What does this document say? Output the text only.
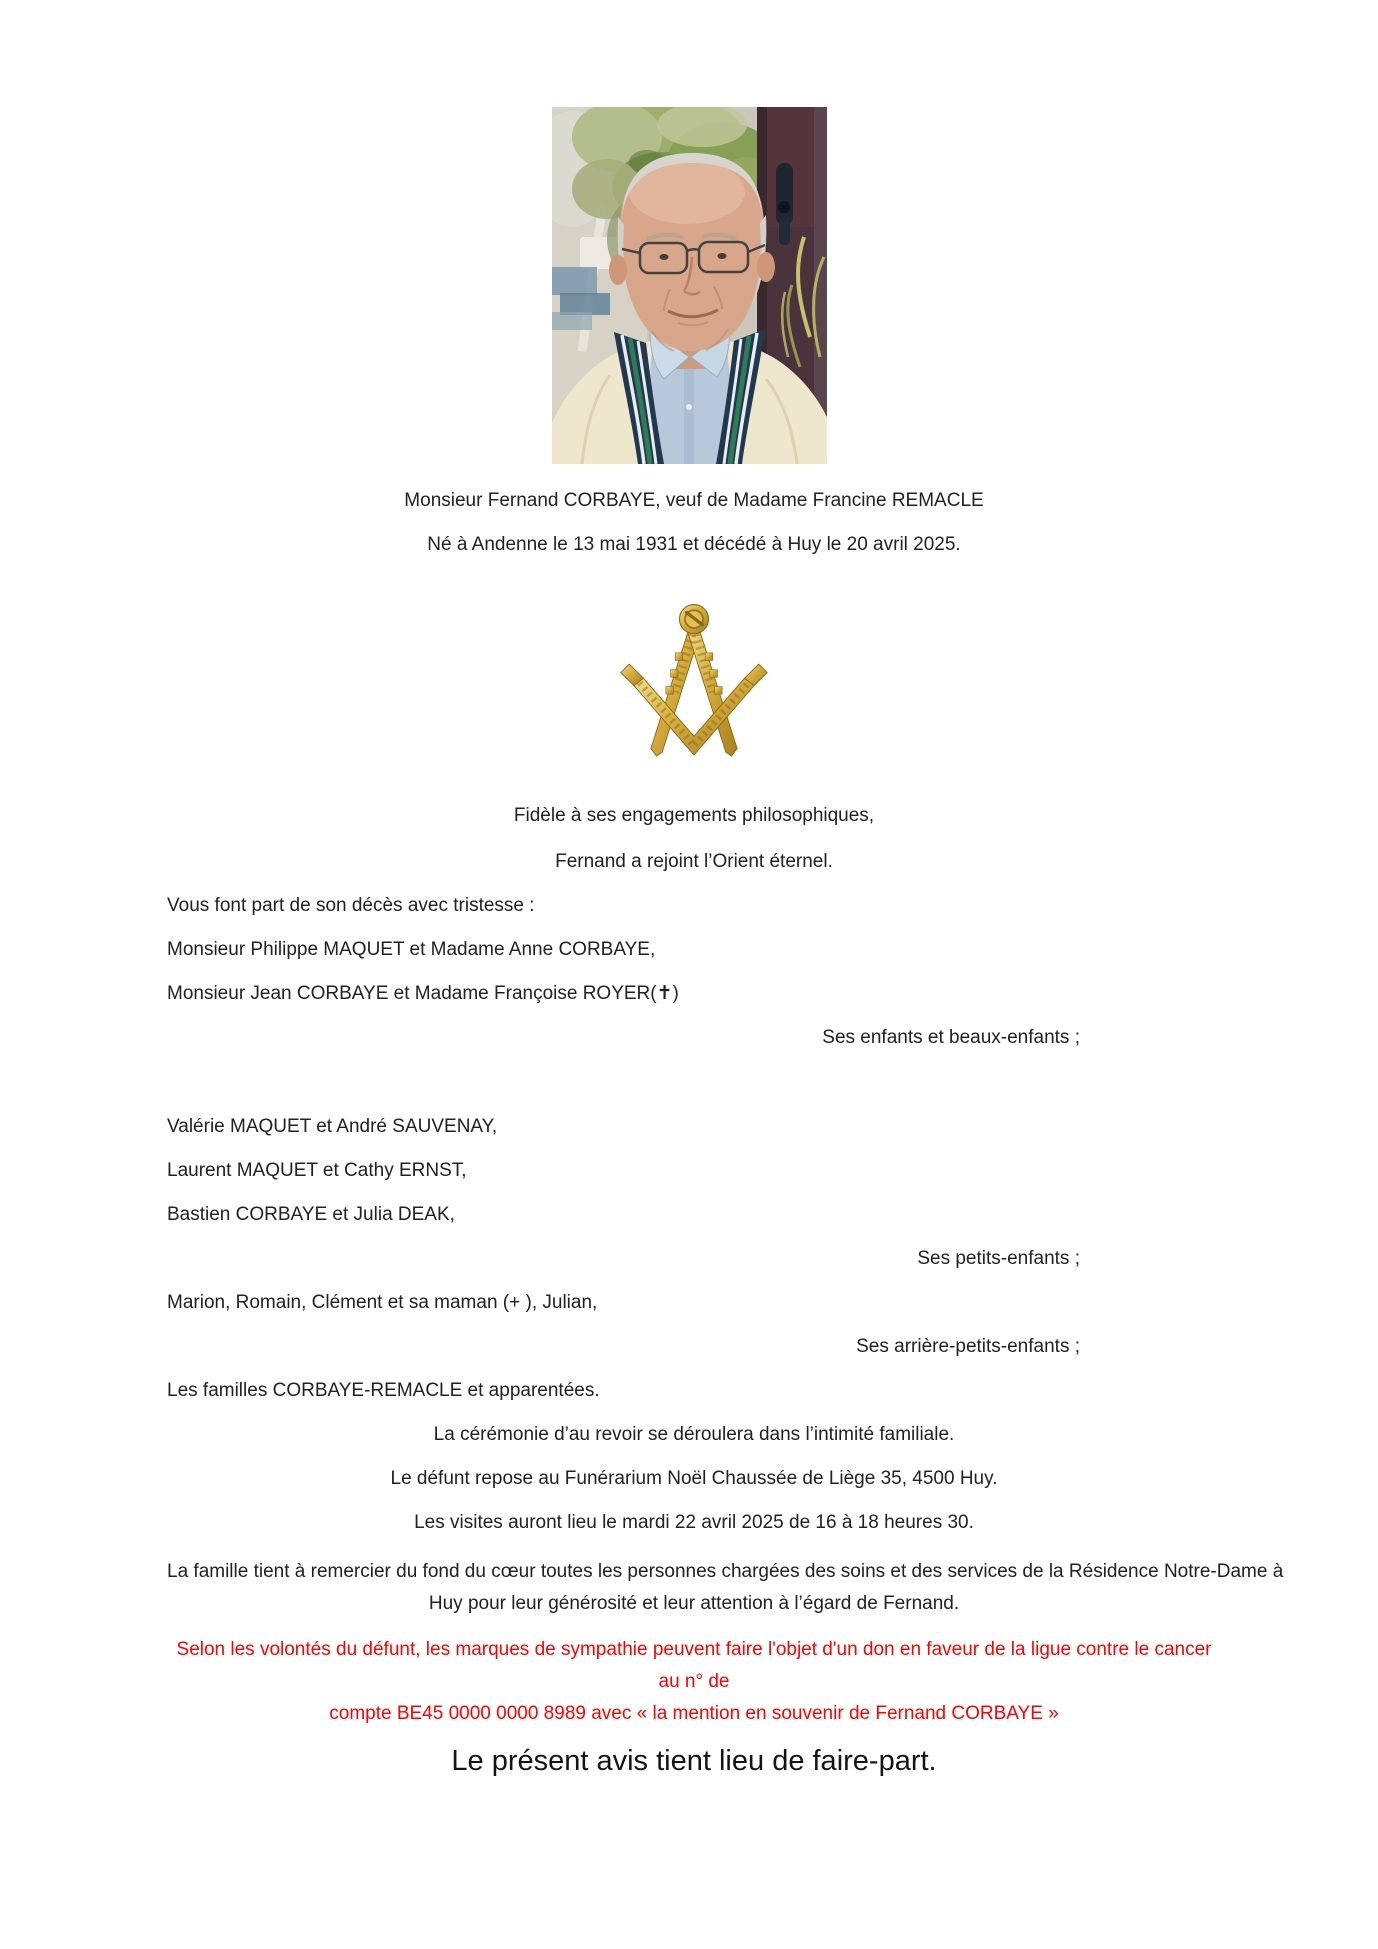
Monsieur Fernand CORBAYE, veuf de Madame Francine REMACLE
Né à Andenne le 13 mai 1931 et décédé à Huy le 20 avril 2025.
Fidèle à ses engagements philosophiques,
Fernand a rejoint l’Orient éternel.
Vous font part de son décès avec tristesse :
Monsieur Philippe MAQUET et Madame Anne CORBAYE,
Monsieur Jean CORBAYE et Madame Françoise ROYER(✝)
Ses enfants et beaux-enfants ;
Valérie MAQUET et André SAUVENAY,
Laurent MAQUET et Cathy ERNST,
Bastien CORBAYE et Julia DEAK,
Ses petits-enfants ;
Marion, Romain, Clément et sa maman (+ ), Julian,
Ses arrière-petits-enfants ;
Les familles CORBAYE-REMACLE et apparentées.
La cérémonie d’au revoir se déroulera dans l’intimité familiale.
Le défunt repose au Funérarium Noël Chaussée de Liège 35, 4500 Huy.
Les visites auront lieu le mardi 22 avril 2025 de 16 à 18 heures 30.
La famille tient à remercier du fond du cœur toutes les personnes chargées des soins et des services de la Résidence Notre-Dame à
Huy pour leur générosité et leur attention à l’égard de Fernand.
Selon les volontés du défunt, les marques de sympathie peuvent faire l'objet d'un don en faveur de la ligue contre le cancer au n° de
compte BE45 0000 0000 8989 avec « la mention en souvenir de Fernand CORBAYE »
Le présent avis tient lieu de faire-part.
